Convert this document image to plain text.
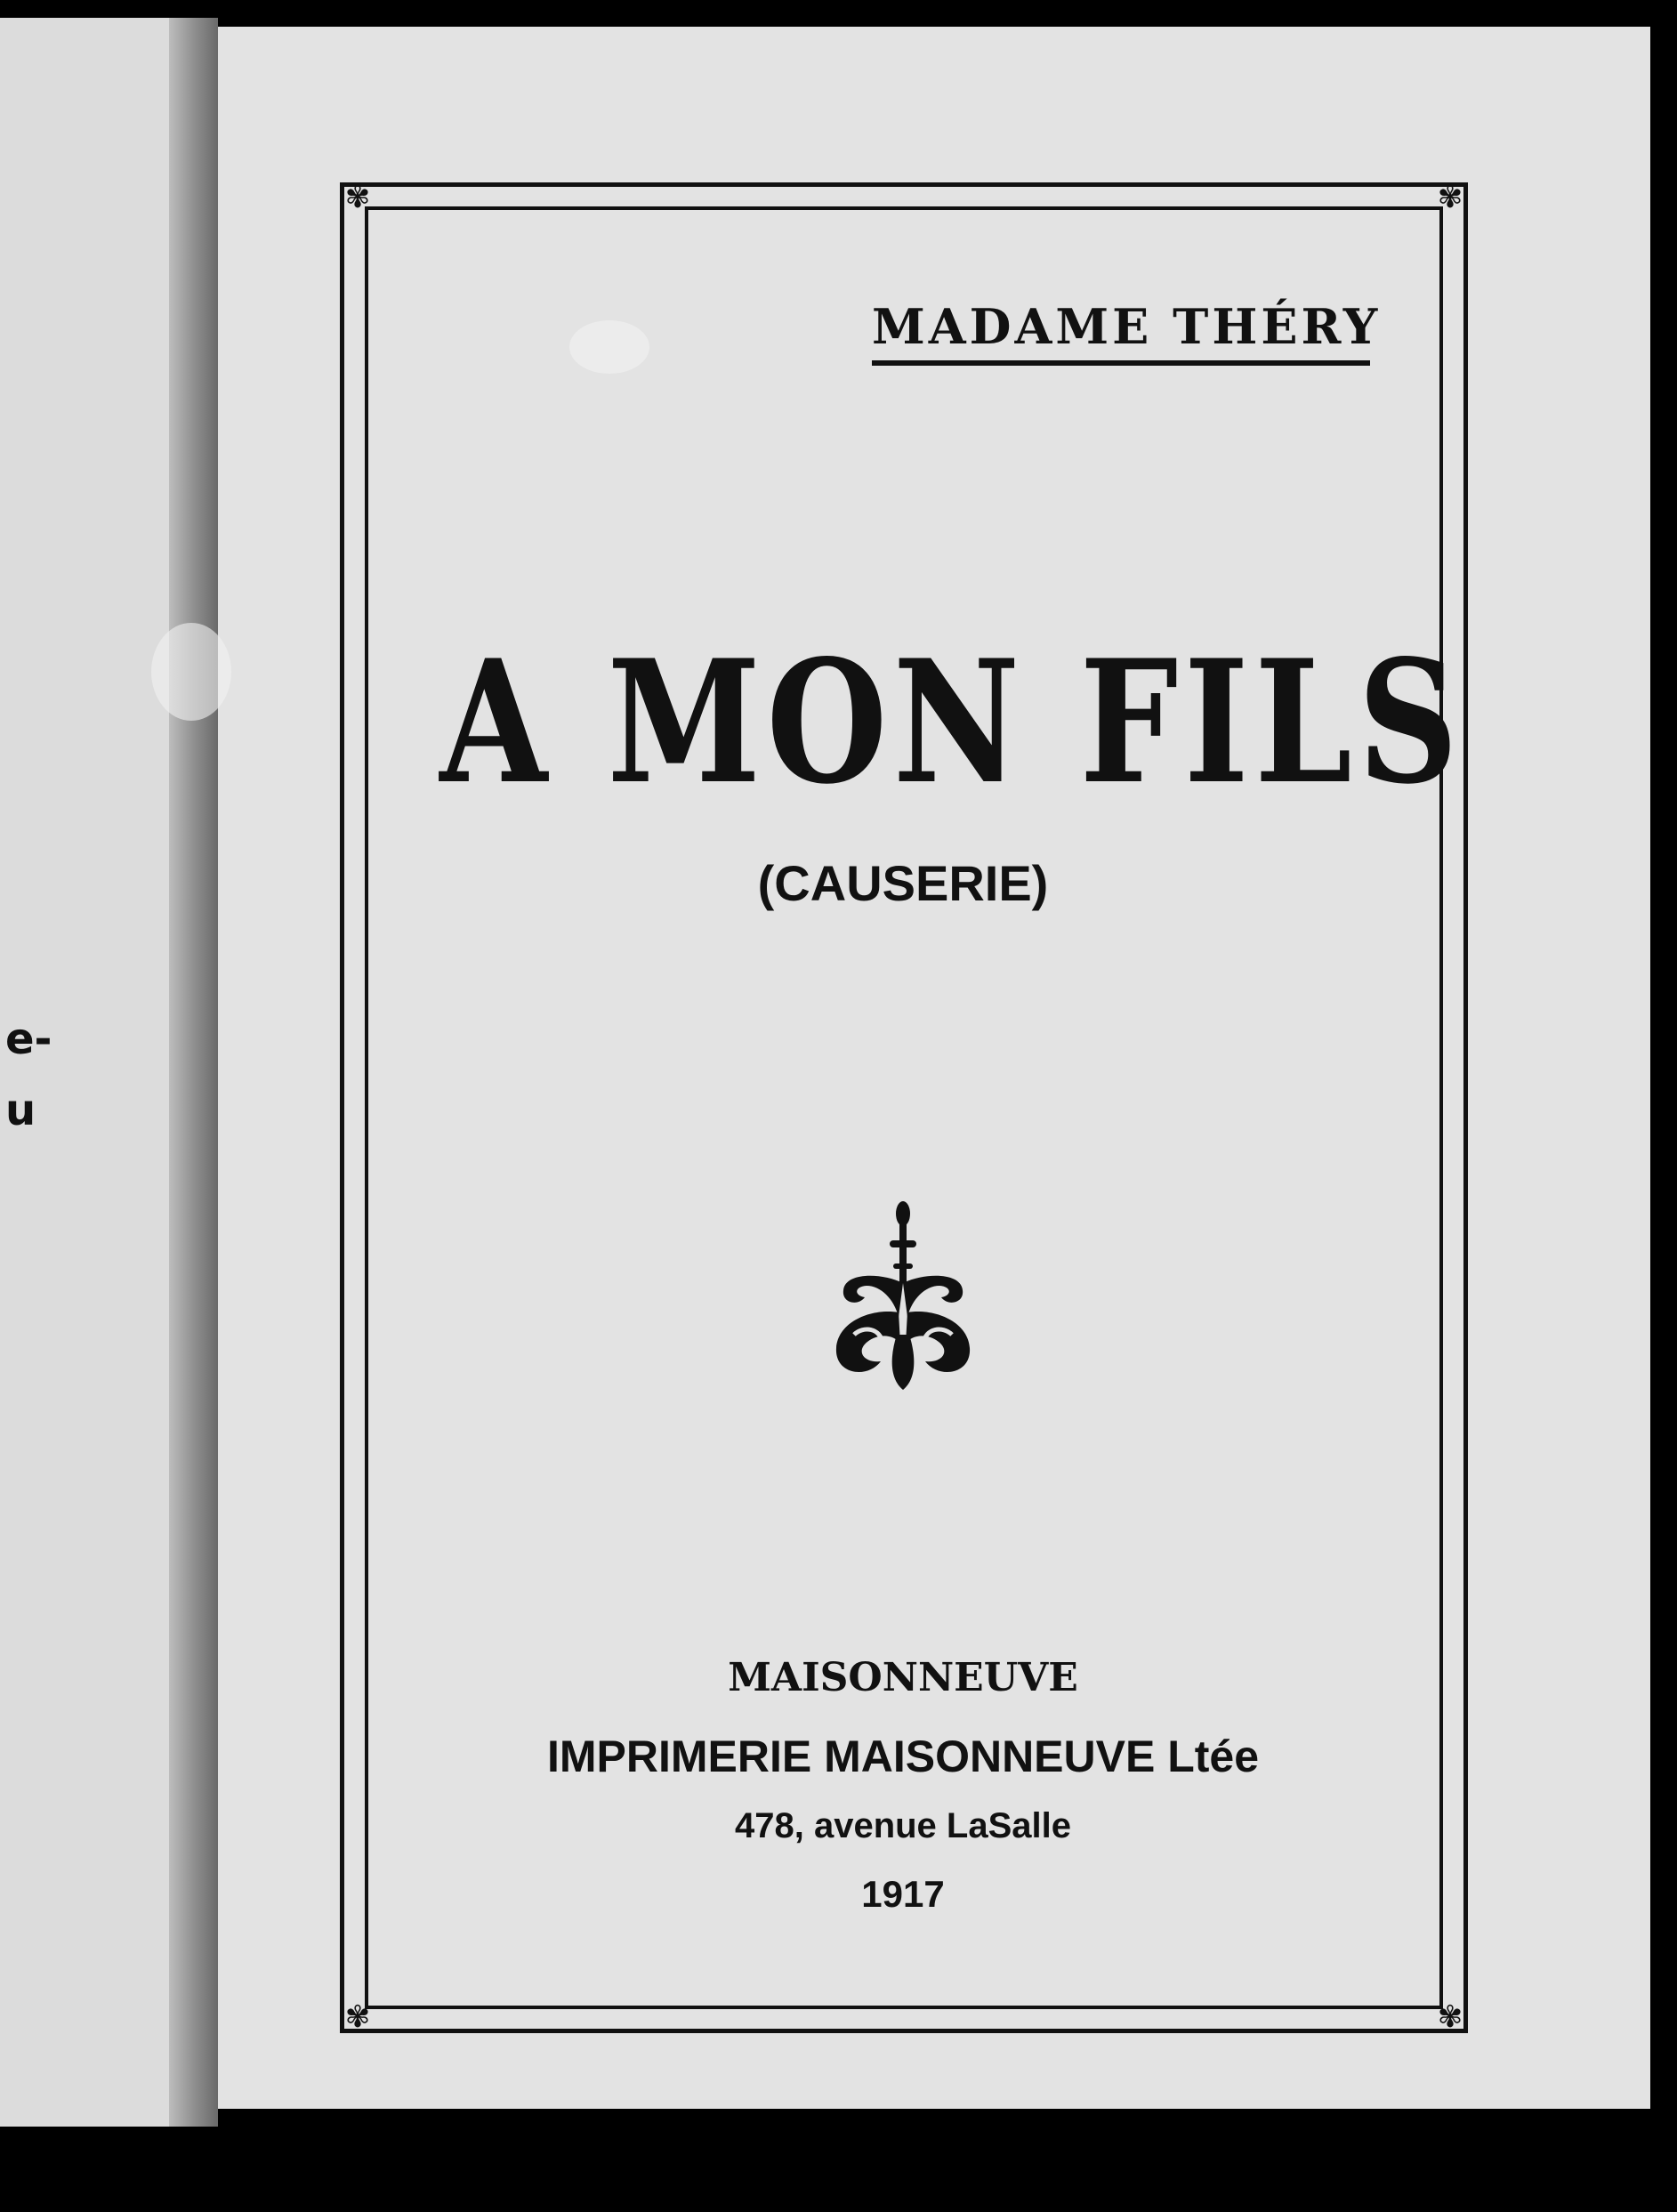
e-
u
✾	✾
✾	✾
MADAME THÉRY
A MON FILS
(CAUSERIE)
MAISONNEUVE
IMPRIMERIE MAISONNEUVE Ltée
478, avenue LaSalle
1917
